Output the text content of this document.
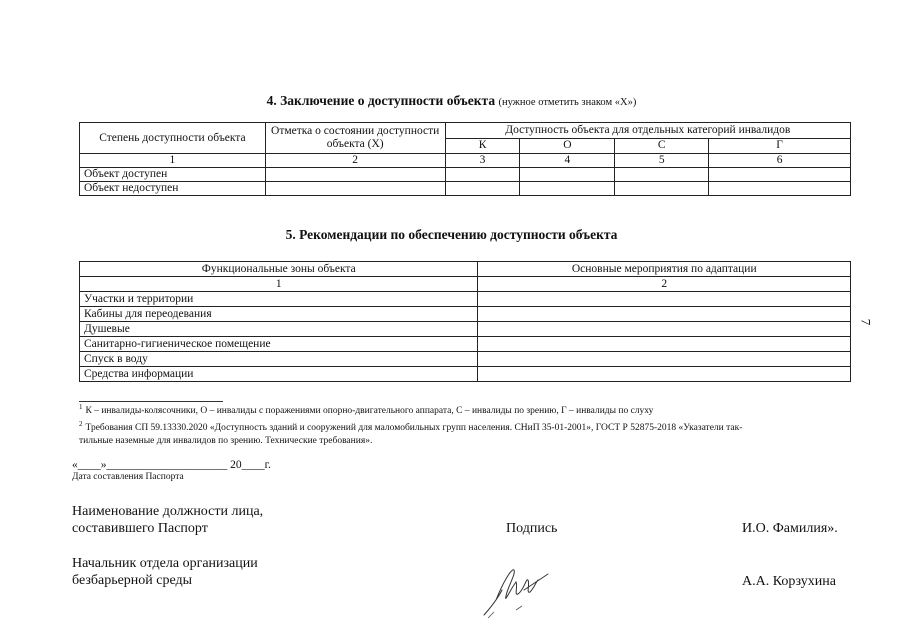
4. Заключение о доступности объекта (нужное отметить знаком «Х»)
Степень доступности объекта	Отметка о состоянии доступности объекта (Х)	Доступность объекта для отдельных категорий инвалидов			
		К	О	С	Г
1	2	3	4	5	6
Объект доступен					
Объект недоступен					
5. Рекомендации по обеспечению доступности объекта
Функциональные зоны объекта	Основные мероприятия по адаптации
1	2
Участки и территории	
Кабины для переодевания	
Душевые	
Санитарно-гигиеническое помещение	
Спуск в воду	
Средства информации	
$^1$ К – инвалиды-колясочники, О – инвалиды с поражениями опорно-двигательного аппарата, С – инвалиды по зрению, Г – инвалиды по слуху
$^2$ Требования СП 59.13330.2020 «Доступность зданий и сооружений для маломобильных групп населения. СНиП 35-01-2001», ГОСТ Р 52875-2018 «Указатели так-
тильные наземные для инвалидов по зрению. Технические требования».
«____»_____________________ 20____г.
Дата составления Паспорта
Наименование должности лица,
составившего Паспорт	Подпись	И.О. Фамилия».
Начальник отдела организации
безбарьерной среды	А.А. Корзухина
7
